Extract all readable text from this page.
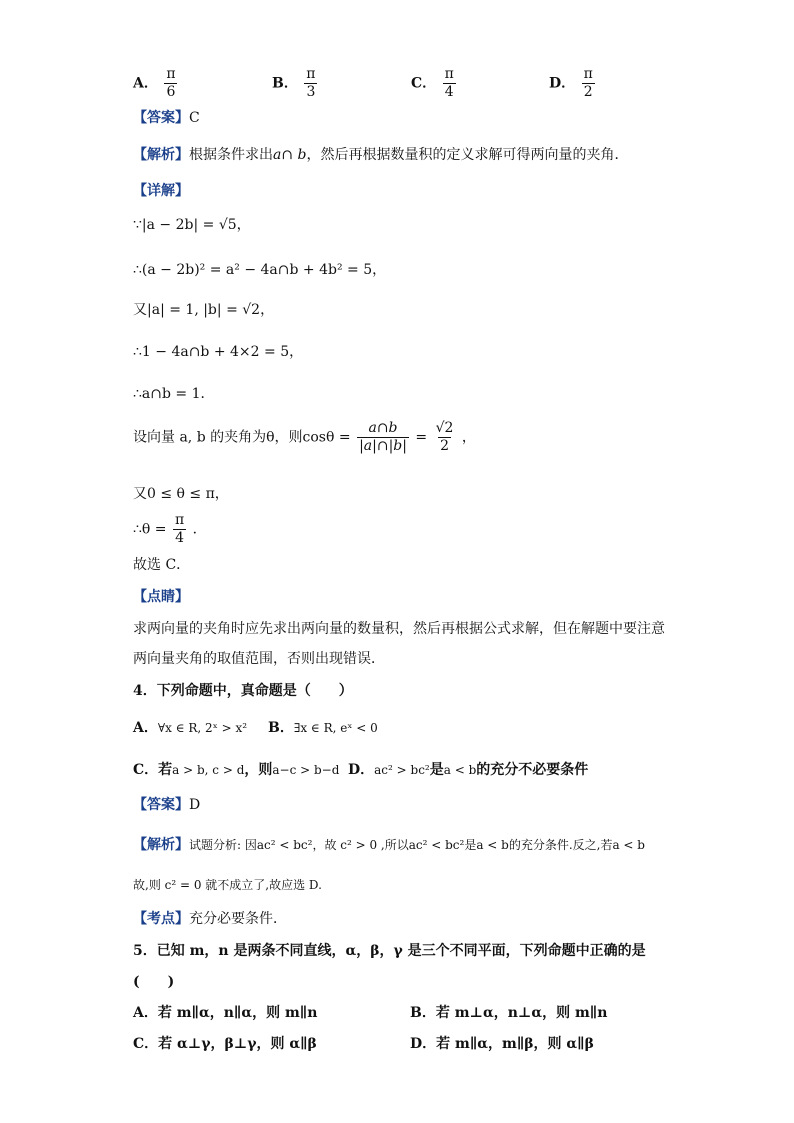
A． $\frac{\pi}{6}$	B． $\frac{\pi}{3}$	C． $\frac{\pi}{4}$	D． $\frac{\pi}{2}$
【答案】C
【解析】根据条件求出a∩ b，然后再根据数量积的定义求解可得两向量的夹角．
【详解】
∵|a − 2b| = √5，
∴(a − 2b)² = a² − 4a∩b + 4b² = 5，
又|a| = 1, |b| = √2，
∴1 − 4a∩b + 4×2 = 5，
∴a∩b = 1．
设向量 a, b 的夹角为θ，则$\cos\theta = \frac{a\cap b}{|a|\cap|b|} = \frac{√2}{2}$ ，
又0 ≤ θ ≤ π，
∴θ = $\frac{\pi}{4}$ ．
故选 C．
【点睛】
求两向量的夹角时应先求出两向量的数量积，然后再根据公式求解，但在解题中要注意
两向量夹角的取值范围，否则出现错误．
4．下列命题中，真命题是（　　）
A．∀x ∈ R, 2ˣ > x² B．∃x ∈ R, eˣ < 0
C．若a > b, c > d，则a−c > b−d D．ac² > bc²是a < b的充分不必要条件
【答案】D
【解析】试题分析: 因ac² < bc²，故 c² > 0 ,所以ac² < bc²是a < b的充分条件.反之,若a < b
故,则 c² = 0 就不成立了,故应选 D.
【考点】充分必要条件．
5．已知 m，n 是两条不同直线，α，β，γ 是三个不同平面，下列命题中正确的是
(　　)
A．若 m∥α，n∥α，则 m∥n	B．若 m⊥α，n⊥α，则 m∥n
C．若 α⊥γ，β⊥γ，则 α∥β	D．若 m∥α，m∥β，则 α∥β
